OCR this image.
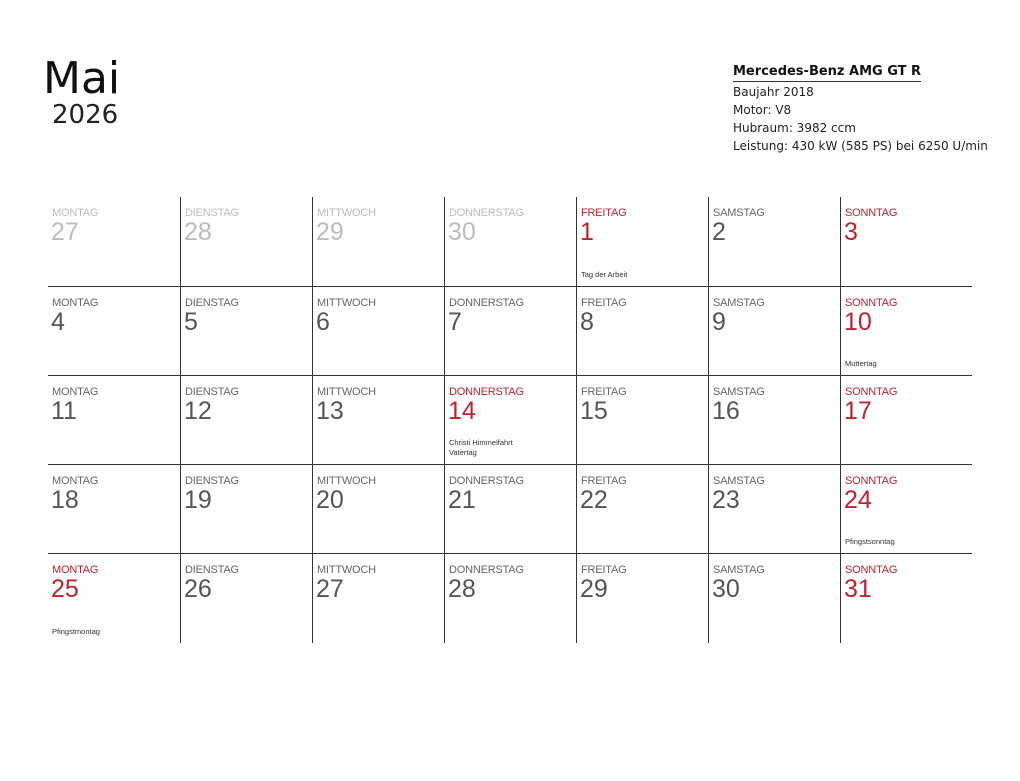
Mai
2026
Mercedes-Benz AMG GT R
Baujahr 2018
Motor: V8
Hubraum: 3982 ccm
Leistung: 430 kW (585 PS) bei 6250 U/min
MONTAG
27
DIENSTAG
28
MITTWOCH
29
DONNERSTAG
30
FREITAG
1
Tag der Arbeit
SAMSTAG
2
SONNTAG
3
MONTAG
4
DIENSTAG
5
MITTWOCH
6
DONNERSTAG
7
FREITAG
8
SAMSTAG
9
SONNTAG
10
Muttertag
MONTAG
11
DIENSTAG
12
MITTWOCH
13
DONNERSTAG
14
Christi Himmelfahrt
Vatertag
FREITAG
15
SAMSTAG
16
SONNTAG
17
MONTAG
18
DIENSTAG
19
MITTWOCH
20
DONNERSTAG
21
FREITAG
22
SAMSTAG
23
SONNTAG
24
Pfingstsonntag
MONTAG
25
Pfingstmontag
DIENSTAG
26
MITTWOCH
27
DONNERSTAG
28
FREITAG
29
SAMSTAG
30
SONNTAG
31
